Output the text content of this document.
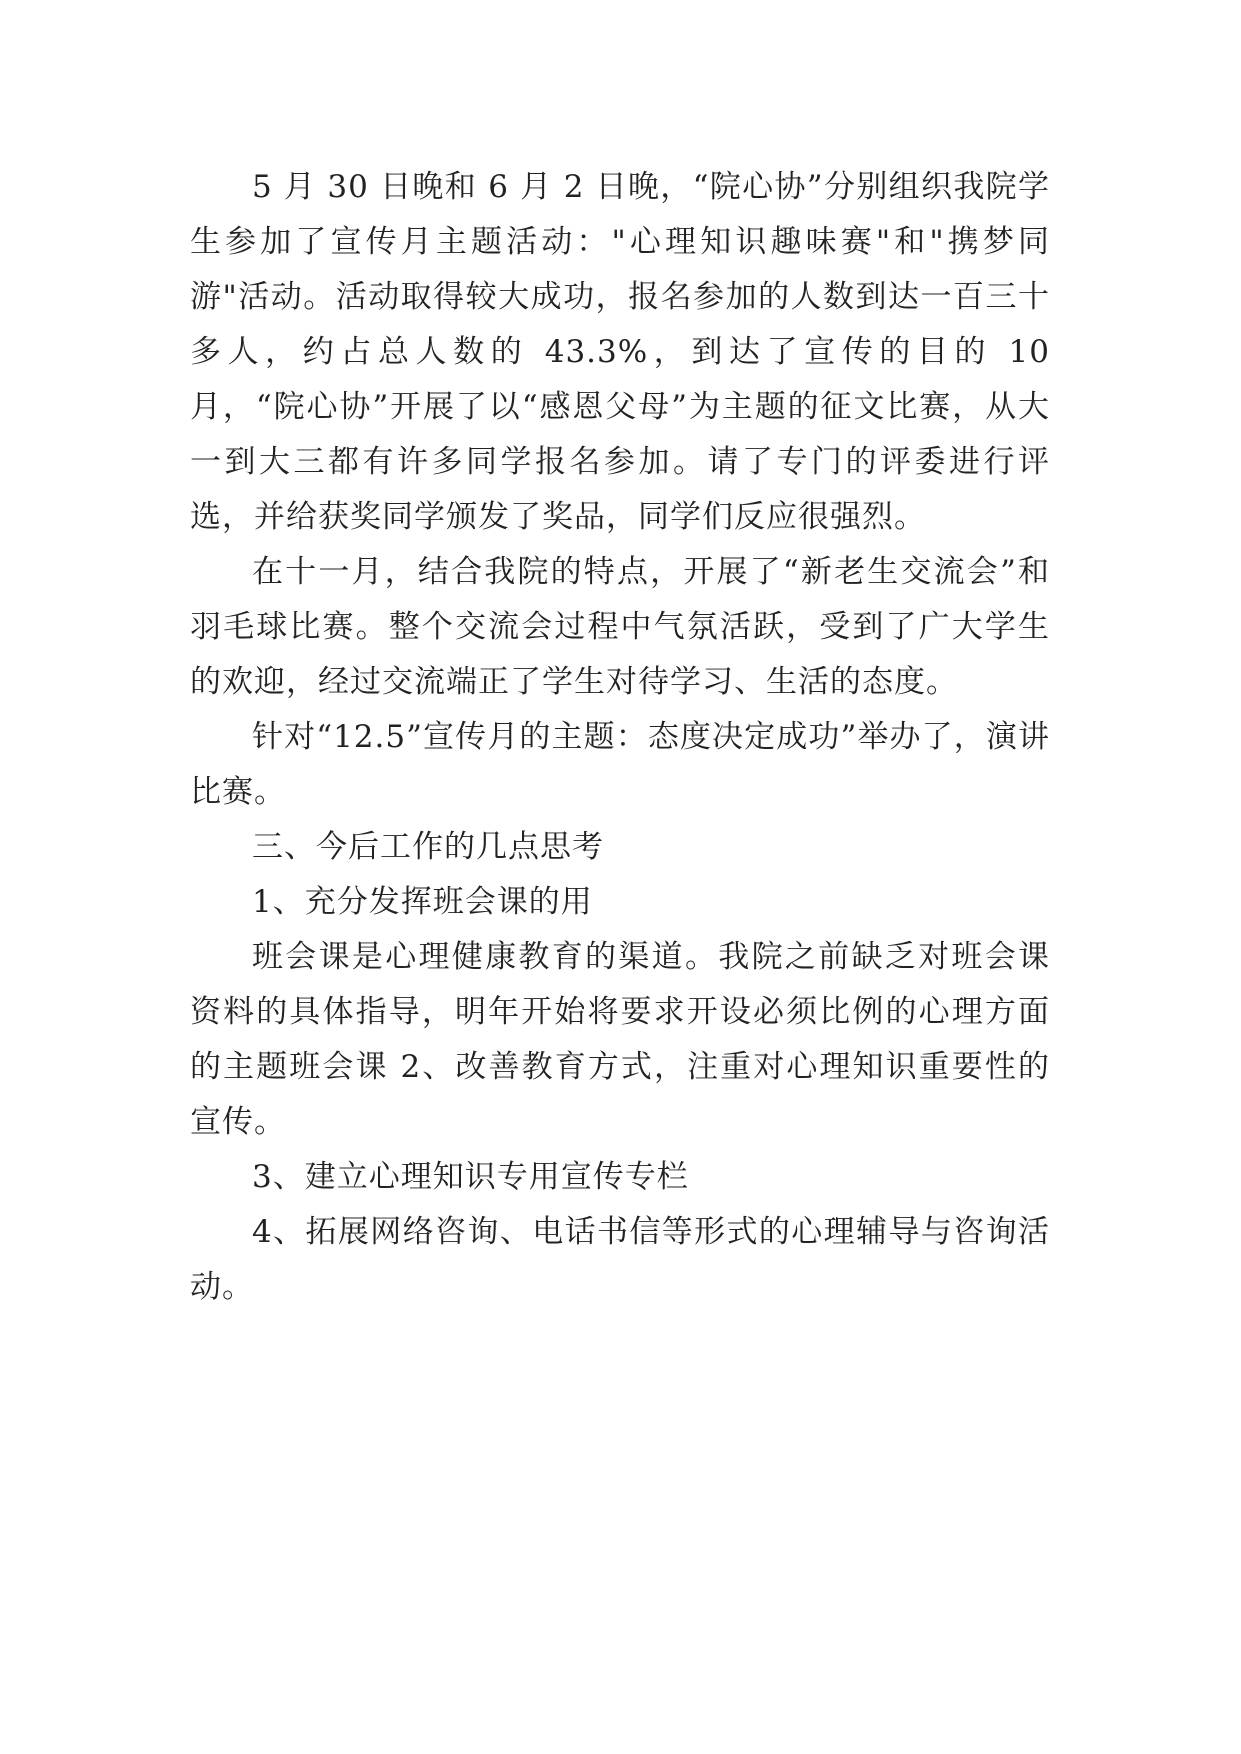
5 月 30 日晚和 6 月 2 日晚，“院心协”分别组织我院学生参加了宣传月主题活动："心理知识趣味赛"和"携梦同游"活动。活动取得较大成功，报名参加的人数到达一百三十多人，约占总人数的 43.3%，到达了宣传的目的 10 月，“院心协”开展了以“感恩父母”为主题的征文比赛，从大一到大三都有许多同学报名参加。请了专门的评委进行评选，并给获奖同学颁发了奖品，同学们反应很强烈。

在十一月，结合我院的特点，开展了“新老生交流会”和羽毛球比赛。整个交流会过程中气氛活跃，受到了广大学生的欢迎，经过交流端正了学生对待学习、生活的态度。

针对“12.5”宣传月的主题：态度决定成功”举办了，演讲比赛。

三、今后工作的几点思考

1、充分发挥班会课的用

班会课是心理健康教育的渠道。我院之前缺乏对班会课资料的具体指导，明年开始将要求开设必须比例的心理方面的主题班会课 2、改善教育方式，注重对心理知识重要性的宣传。

3、建立心理知识专用宣传专栏

4、拓展网络咨询、电话书信等形式的心理辅导与咨询活动。
